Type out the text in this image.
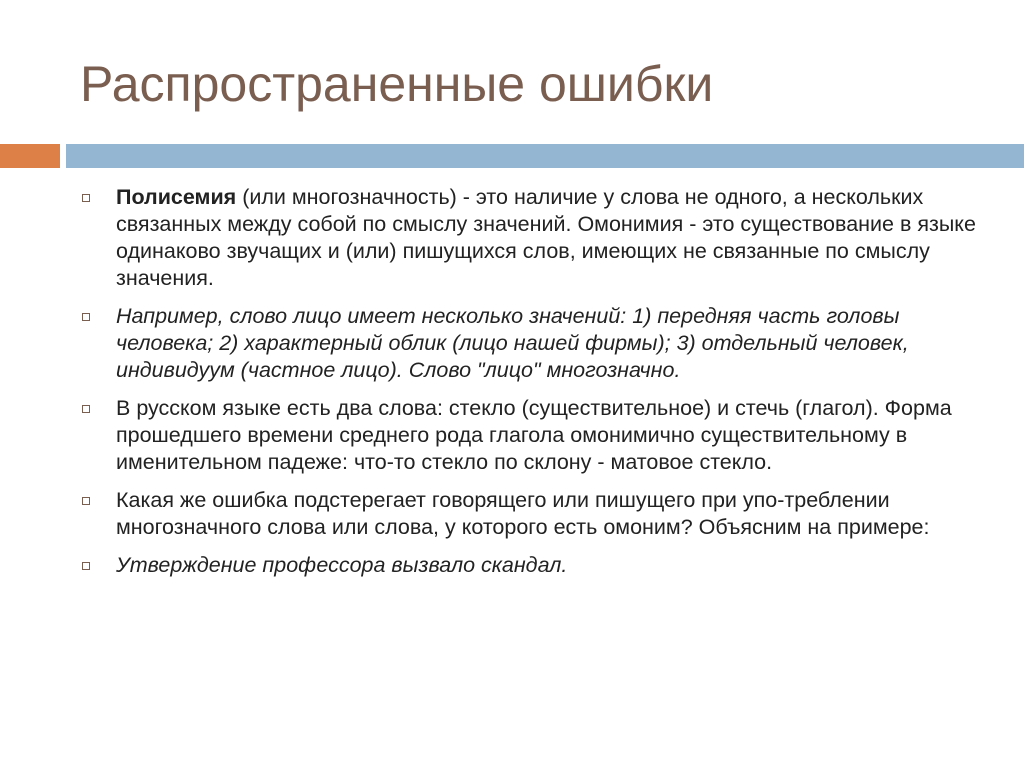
Распространенные ошибки
Полисемия (или многозначность) - это наличие у слова не одного, а нескольких связанных между собой по смыслу значений. Омонимия - это существование в языке одинаково звучащих и (или) пишущихся слов, имеющих не связанные по смыслу значения.
Например, слово лицо имеет несколько значений: 1) передняя часть головы человека; 2) характерный облик (лицо нашей фирмы); 3) отдельный человек, индивидуум (частное лицо). Слово "лицо" многозначно.
В русском языке есть два слова: стекло (существительное) и стечь (глагол). Форма прошедшего времени среднего рода глагола омонимично существительному в именительном падеже: что-то стекло по склону - матовое стекло.
Какая же ошибка подстерегает говорящего или пишущего при упо-треблении многозначного слова или слова, у которого есть омоним? Объясним на примере:
Утверждение профессора вызвало скандал.
